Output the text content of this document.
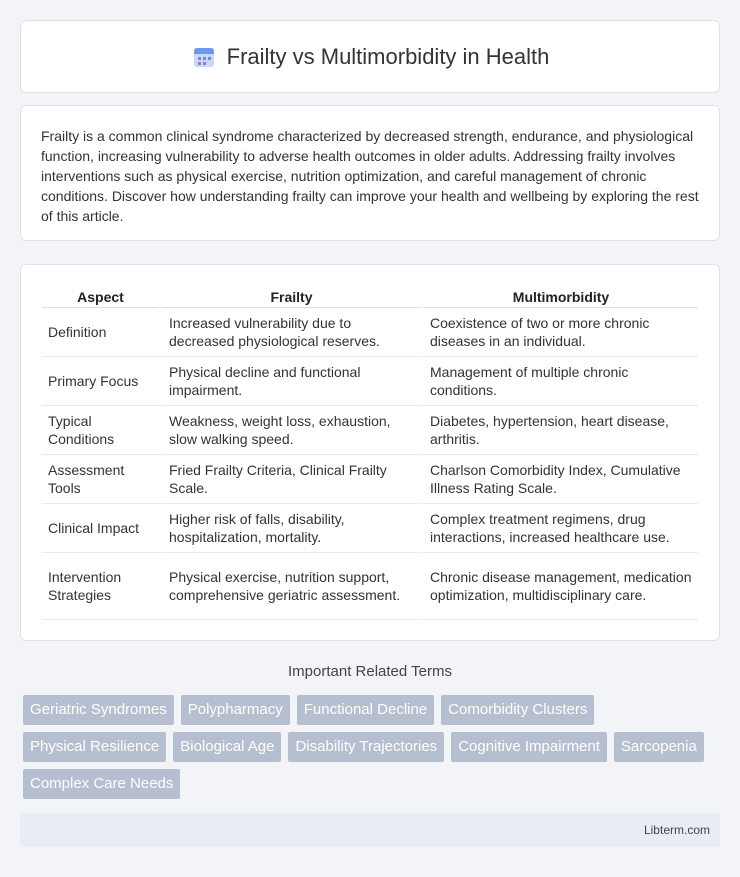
Frailty vs Multimorbidity in Health

Frailty is a common clinical syndrome characterized by decreased strength, endurance, and physiological function, increasing vulnerability to adverse health outcomes in older adults. Addressing frailty involves interventions such as physical exercise, nutrition optimization, and careful management of chronic conditions. Discover how understanding frailty can improve your health and wellbeing by exploring the rest of this article.

Aspect	Frailty	Multimorbidity
Definition	Increased vulnerability due to decreased physiological reserves.	Coexistence of two or more chronic diseases in an individual.
Primary Focus	Physical decline and functional impairment.	Management of multiple chronic conditions.
Typical Conditions	Weakness, weight loss, exhaustion, slow walking speed.	Diabetes, hypertension, heart disease, arthritis.
Assessment Tools	Fried Frailty Criteria, Clinical Frailty Scale.	Charlson Comorbidity Index, Cumulative Illness Rating Scale.
Clinical Impact	Higher risk of falls, disability, hospitalization, mortality.	Complex treatment regimens, drug interactions, increased healthcare use.
Intervention Strategies	Physical exercise, nutrition support, comprehensive geriatric assessment.	Chronic disease management, medication optimization, multidisciplinary care.
Important Related Terms
Geriatric Syndromes	Polypharmacy	Functional Decline	Comorbidity Clusters
Physical Resilience	Biological Age	Disability Trajectories	Cognitive Impairment	Sarcopenia
Complex Care Needs
Libterm.com
